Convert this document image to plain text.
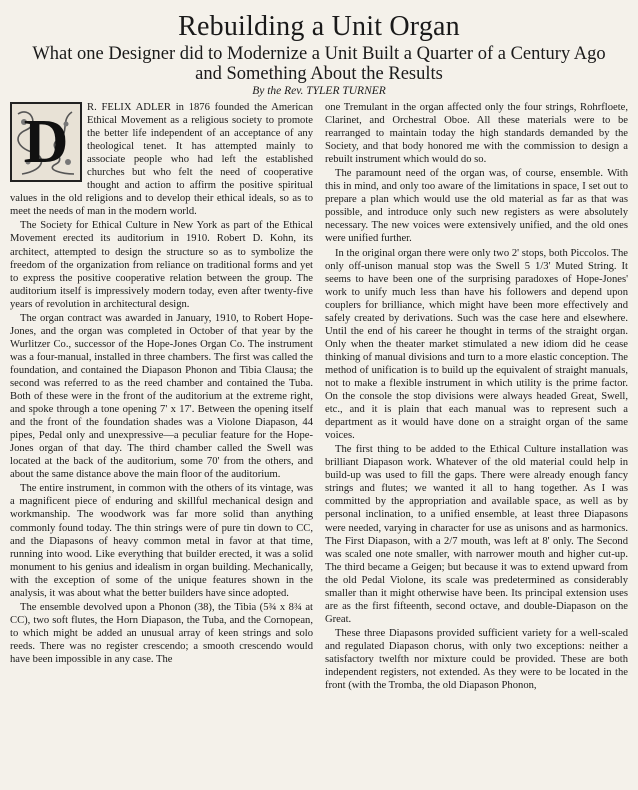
Rebuilding a Unit Organ
What one Designer did to Modernize a Unit Built a Quarter of a Century Ago
and Something About the Results
By the Rev. TYLER TURNER
D

R. FELIX ADLER in 1876 founded the American Ethical Movement as a religious society to promote the better life independent of an acceptance of any theological tenet. It has attempted mainly to associate people who had left the established churches but who felt the need of cooperative thought and action to affirm the positive spiritual values in the old religions and to develop their ethical ideals, so as to meet the needs of man in the modern world.

The Society for Ethical Culture in New York as part of the Ethical Movement erected its auditorium in 1910. Robert D. Kohn, its architect, attempted to design the structure so as to symbolize the freedom of the organization from reliance on traditional forms and yet to express the positive cooperative relation between the group. The auditorium itself is impressively modern today, even after twenty-five years of revolution in architectural design.

The organ contract was awarded in January, 1910, to Robert Hope-Jones, and the organ was completed in October of that year by the Wurlitzer Co., successor of the Hope-Jones Organ Co. The instrument was a four-manual, installed in three chambers. The first was called the foundation, and contained the Diapason Phonon and Tibia Clausa; the second was referred to as the reed chamber and contained the Tuba. Both of these were in the front of the auditorium at the extreme right, and spoke through a tone opening 7' x 17'. Between the opening itself and the front of the foundation shades was a Violone Diapason, 44 pipes, Pedal only and unexpressive—a peculiar feature for the Hope-Jones organ of that day. The third chamber called the Swell was located at the back of the auditorium, some 70' from the others, and about the same distance above the main floor of the auditorium.

The entire instrument, in common with the others of its vintage, was a magnificent piece of enduring and skillful mechanical design and workmanship. The woodwork was far more solid than anything commonly found today. The thin strings were of pure tin down to CC, and the Diapasons of heavy common metal in favor at that time, running into wood. Like everything that builder erected, it was a solid monument to his genius and idealism in organ building. Mechanically, with the exception of some of the unique features shown in the analysis, it was about what the better builders have since adopted.

The ensemble devolved upon a Phonon (38), the Tibia (5¾ x 8¾ at CC), two soft flutes, the Horn Diapason, the Tuba, and the Cornopean, to which might be added an unusual array of keen strings and solo reeds. There was no register crescendo; a smooth crescendo would have been impossible in any case. The

one Tremulant in the organ affected only the four strings, Rohrfloete, Clarinet, and Orchestral Oboe. All these materials were to be rearranged to maintain today the high standards demanded by the Society, and that body honored me with the commission to design a rebuilt instrument which would do so.

The paramount need of the organ was, of course, ensemble. With this in mind, and only too aware of the limitations in space, I set out to prepare a plan which would use the old material as far as that was possible, and introduce only such new registers as were absolutely necessary. The new voices were extensively unified, and the old ones were unified further.

In the original organ there were only two 2' stops, both Piccolos. The only off-unison manual stop was the Swell 5 1/3' Muted String. It seems to have been one of the surprising paradoxes of Hope-Jones' work to unify much less than have his followers and depend upon couplers for brilliance, which might have been more effectively and safely created by derivations. Such was the case here and elsewhere. Until the end of his career he thought in terms of the straight organ. Only when the theater market stimulated a new idiom did he cease thinking of manual divisions and turn to a more elastic conception. The method of unification is to build up the equivalent of straight manuals, not to make a flexible instrument in which utility is the prime factor. On the console the stop divisions were always headed Great, Swell, etc., and it is plain that each manual was to represent such a department as it would have done on a straight organ of the same voices.

The first thing to be added to the Ethical Culture installation was brilliant Diapason work. Whatever of the old material could help in build-up was used to fill the gaps. There were already enough fancy strings and flutes; we wanted it all to hang together. As I was committed by the appropriation and available space, as well as by personal inclination, to a unified ensemble, at least three Diapasons were needed, varying in character for use as unisons and as harmonics. The First Diapason, with a 2/7 mouth, was left at 8' only. The Second was scaled one note smaller, with narrower mouth and higher cut-up. The third became a Geigen; but because it was to extend upward from the old Pedal Violone, its scale was predetermined as considerably smaller than it might otherwise have been. Its principal extension uses are as the first fifteenth, second octave, and double-Diapason on the Great.

These three Diapasons provided sufficient variety for a well-scaled and regulated Diapason chorus, with only two exceptions: neither a satisfactory twelfth nor mixture could be provided. These are both independent registers, not extended. As they were to be located in the front (with the Tromba, the old Diapason Phonon,
